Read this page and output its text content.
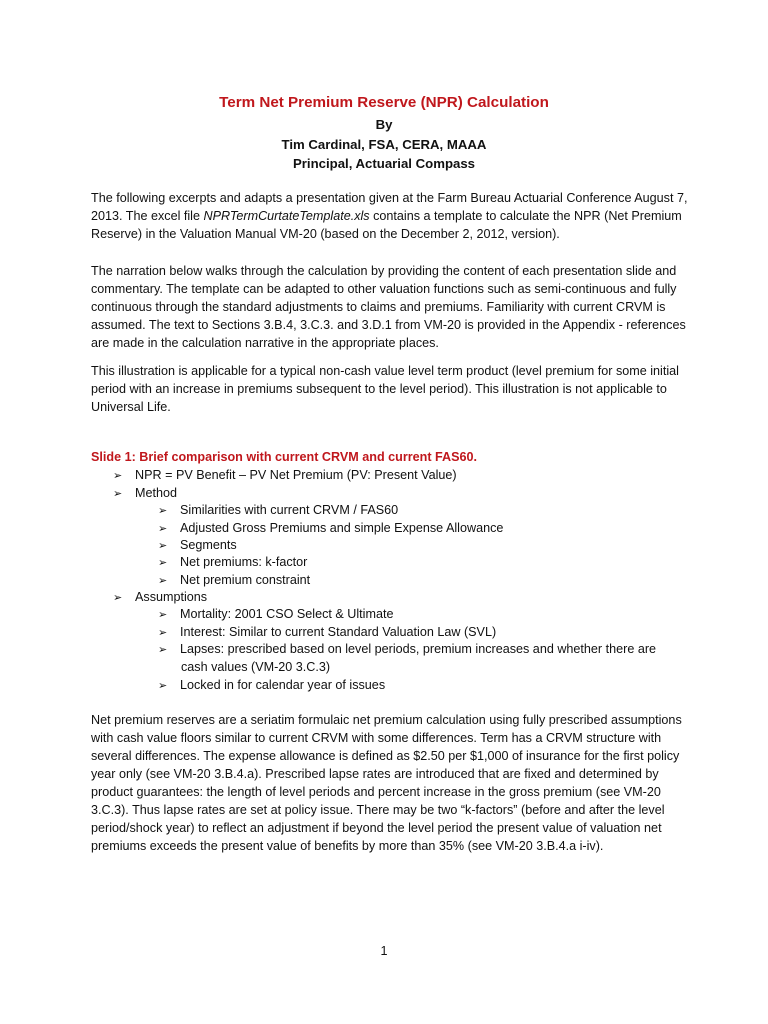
Term Net Premium Reserve (NPR) Calculation
By
Tim Cardinal, FSA, CERA, MAAA
Principal, Actuarial Compass

The following excerpts and adapts a presentation given at the Farm Bureau Actuarial Conference August 7, 2013. The excel file NPRTermCurtateTemplate.xls contains a template to calculate the NPR (Net Premium Reserve) in the Valuation Manual VM-20 (based on the December 2, 2012, version).

The narration below walks through the calculation by providing the content of each presentation slide and commentary. The template can be adapted to other valuation functions such as semi-continuous and fully continuous through the standard adjustments to claims and premiums. Familiarity with current CRVM is assumed. The text to Sections 3.B.4, 3.C.3. and 3.D.1 from VM-20 is provided in the Appendix - references are made in the calculation narrative in the appropriate places.

This illustration is applicable for a typical non-cash value level term product (level premium for some initial period with an increase in premiums subsequent to the level period). This illustration is not applicable to Universal Life.

Slide 1: Brief comparison with current CRVM and current FAS60.
➢ NPR = PV Benefit – PV Net Premium (PV: Present Value)
➢ Method
➢ Similarities with current CRVM / FAS60
➢ Adjusted Gross Premiums and simple Expense Allowance
➢ Segments
➢ Net premiums: k-factor
➢ Net premium constraint
➢ Assumptions
➢ Mortality: 2001 CSO Select & Ultimate
➢ Interest: Similar to current Standard Valuation Law (SVL)
➢ Lapses: prescribed based on level periods, premium increases and whether there are
cash values (VM-20 3.C.3)
➢ Locked in for calendar year of issues

Net premium reserves are a seriatim formulaic net premium calculation using fully prescribed assumptions with cash value floors similar to current CRVM with some differences. Term has a CRVM structure with several differences. The expense allowance is defined as $2.50 per $1,000 of insurance for the first policy year only (see VM-20 3.B.4.a). Prescribed lapse rates are introduced that are fixed and determined by product guarantees: the length of level periods and percent increase in the gross premium (see VM-20 3.C.3). Thus lapse rates are set at policy issue. There may be two “k-factors” (before and after the level period/shock year) to reflect an adjustment if beyond the level period the present value of valuation net premiums exceeds the present value of benefits by more than 35% (see VM-20 3.B.4.a i-iv).

1
